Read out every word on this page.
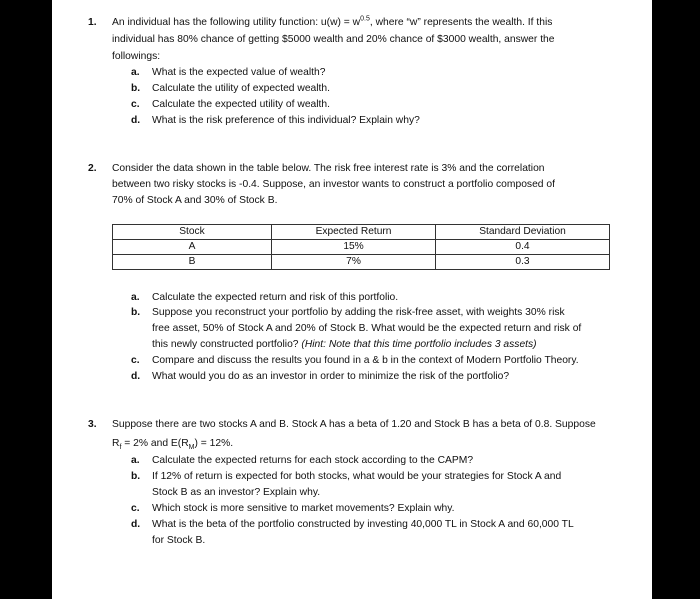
1. An individual has the following utility function: $u(w) = w^{0.5}$, where “w” represents the wealth. If this
individual has 80% chance of getting $5000 wealth and 20% chance of $3000 wealth, answer the
followings:
a. What is the expected value of wealth?
b. Calculate the utility of expected wealth.
c. Calculate the expected utility of wealth.
d. What is the risk preference of this individual? Explain why?
2. Consider the data shown in the table below. The risk free interest rate is 3% and the correlation
between two risky stocks is -0.4. Suppose, an investor wants to construct a portfolio composed of
70% of Stock A and 30% of Stock B.
Stock	Expected Return	Standard Deviation
A	15%	0.4
B	7%	0.3
a. Calculate the expected return and risk of this portfolio.
b. Suppose you reconstruct your portfolio by adding the risk-free asset, with weights 30% risk
free asset, 50% of Stock A and 20% of Stock B. What would be the expected return and risk of
this newly constructed portfolio? (Hint: Note that this time portfolio includes 3 assets)
c. Compare and discuss the results you found in a & b in the context of Modern Portfolio Theory.
d. What would you do as an investor in order to minimize the risk of the portfolio?
3. Suppose there are two stocks A and B. Stock A has a beta of 1.20 and Stock B has a beta of 0.8. Suppose
$R_f = 2\%$ and $E(R_M) = 12\%$.
a. Calculate the expected returns for each stock according to the CAPM?
b. If 12% of return is expected for both stocks, what would be your strategies for Stock A and
Stock B as an investor? Explain why.
c. Which stock is more sensitive to market movements? Explain why.
d. What is the beta of the portfolio constructed by investing 40,000 TL in Stock A and 60,000 TL
for Stock B.
